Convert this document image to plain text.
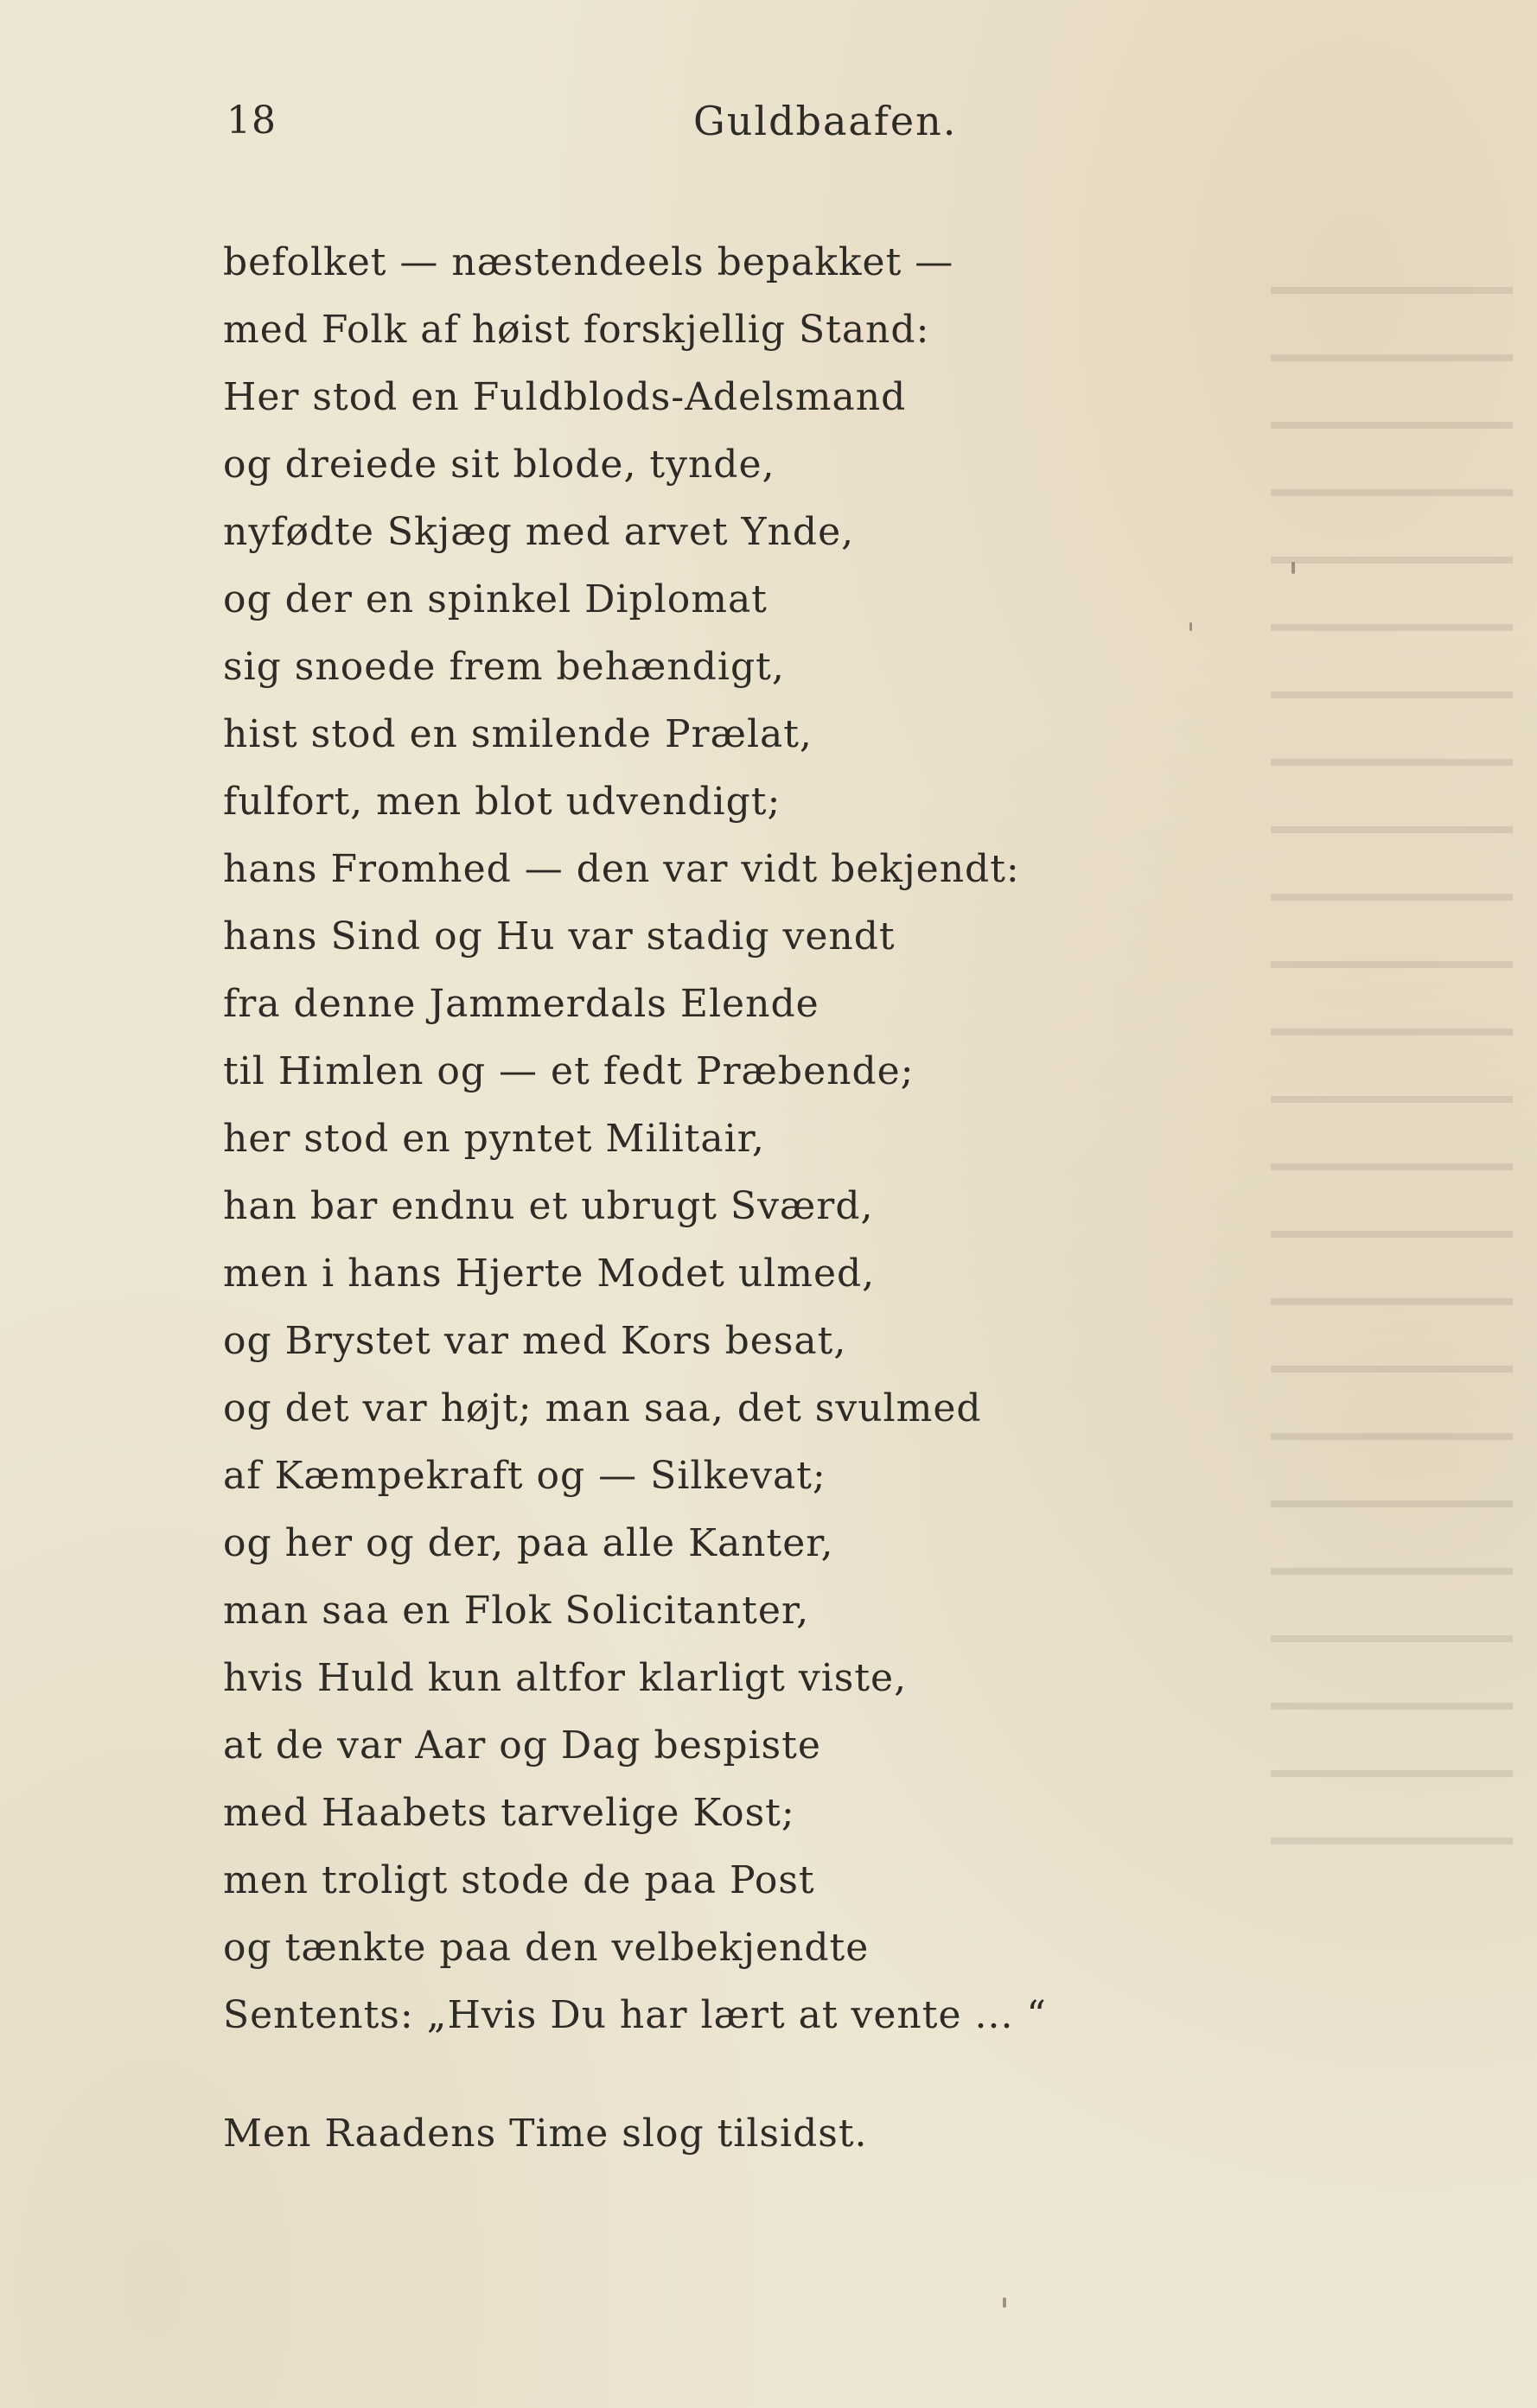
18	Guldbaafen.
befolket — næstendeels bepakket —
med Folk af høist forskjellig Stand:
Her stod en Fuldblods-Adelsmand
og dreiede sit blode, tynde,
nyfødte Skjæg med arvet Ynde,
og der en spinkel Diplomat
sig snoede frem behændigt,
hist stod en smilende Prælat,
fulfort, men blot udvendigt;
hans Fromhed — den var vidt bekjendt:
hans Sind og Hu var stadig vendt
fra denne Jammerdals Elende
til Himlen og — et fedt Præbende;
her stod en pyntet Militair,
han bar endnu et ubrugt Sværd,
men i hans Hjerte Modet ulmed,
og Brystet var med Kors besat,
og det var højt; man saa, det svulmed
af Kæmpekraft og — Silkevat;
og her og der, paa alle Kanter,
man saa en Flok Solicitanter,
hvis Huld kun altfor klarligt viste,
at de var Aar og Dag bespiste
med Haabets tarvelige Kost;
men troligt stode de paa Post
og tænkte paa den velbekjendte
Sentents: „Hvis Du har lært at vente ... “
Men Raadens Time slog tilsidst.
